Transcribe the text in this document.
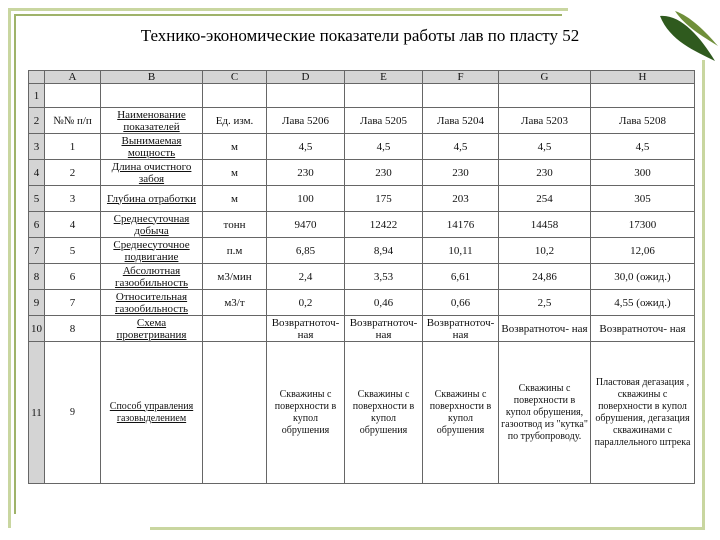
Технико-экономические показатели работы лав по пласту 52
	A	B	C	D	E	F	G	H
1								
2	№№ п/п	Наименование показателей	Ед. изм.	Лава 5206	Лава 5205	Лава 5204	Лава 5203	Лава 5208
3	1	Вынимаемая мощность	м	4,5	4,5	4,5	4,5	4,5
4	2	Длина очистного забоя	м	230	230	230	230	300
5	3	Глубина отработки	м	100	175	203	254	305
6	4	Среднесуточная добыча	тонн	9470	12422	14176	14458	17300
7	5	Среднесуточное подвигание	п.м	6,85	8,94	10,11	10,2	12,06
8	6	Абсолютная газообильность	м3/мин	2,4	3,53	6,61	24,86	30,0 (ожид.)
9	7	Относительная газообильность	м3/т	0,2	0,46	0,66	2,5	4,55 (ожид.)
10	8	Схема проветривания		Возвратноточ- ная	Возвратноточ- ная	Возвратноточ- ная	Возвратноточ- ная	Возвратноточ- ная
11	9	Способ управления газовыделением		Скважины с поверхности в купол обрушения	Скважины с поверхности в купол обрушения	Скважины с поверхности в купол обрушения	Скважины с поверхности в купол обрушения, газоотвод из "кутка" по трубопроводу.	Пластовая дегазация , скважины с поверхности в купол обрушения, дегазация скважинами с параллельного штрека
